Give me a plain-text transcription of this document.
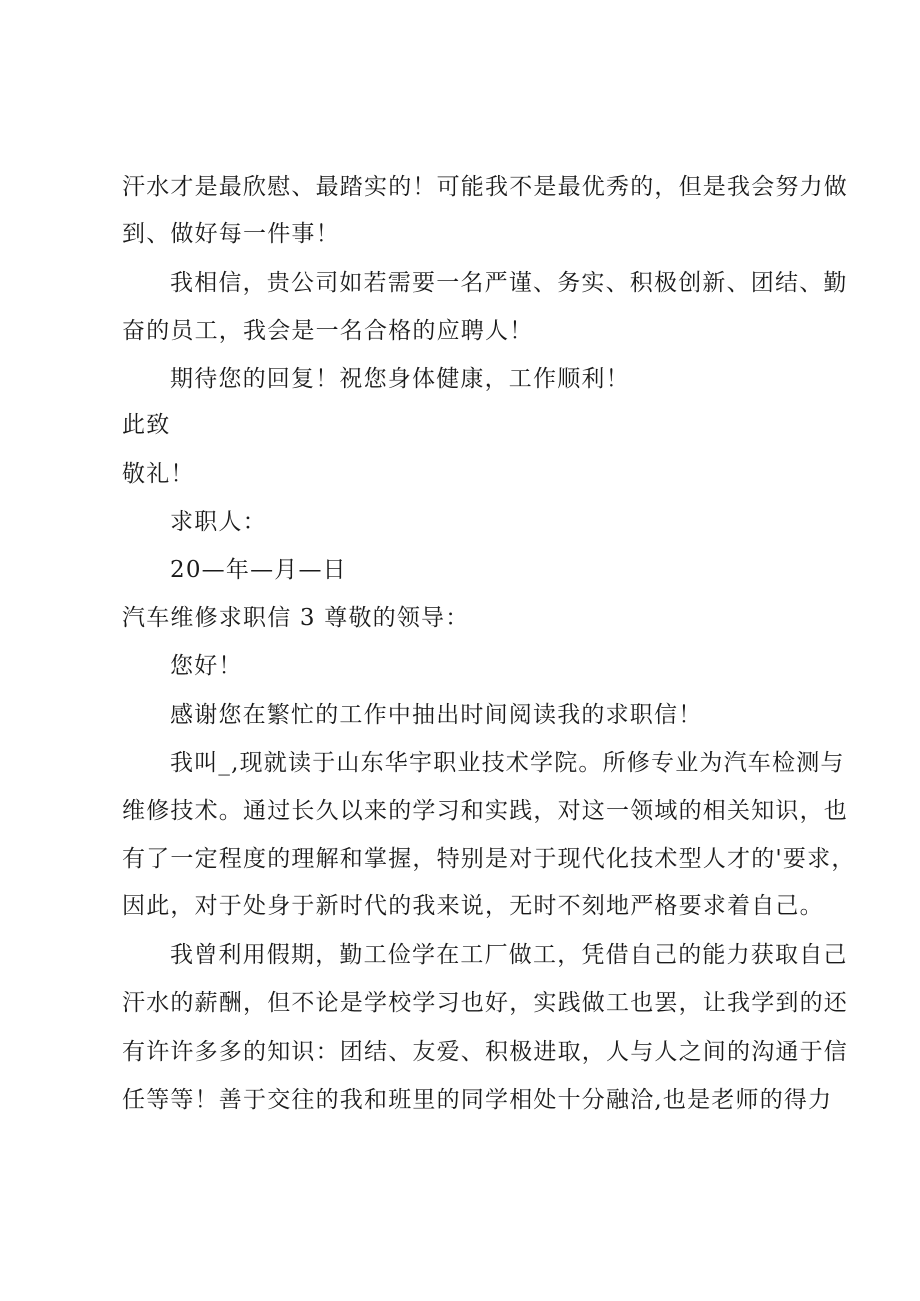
汗水才是最欣慰、最踏实的！可能我不是最优秀的，但是我会努力做
到、做好每一件事！
我相信，贵公司如若需要一名严谨、务实、积极创新、团结、勤
奋的员工，我会是一名合格的应聘人！
期待您的回复！祝您身体健康，工作顺利！
此致
敬礼！
求职人：
20—年—月—日
汽车维修求职信 3 尊敬的领导：
您好！
感谢您在繁忙的工作中抽出时间阅读我的求职信！
我叫_,现就读于山东华宇职业技术学院。所修专业为汽车检测与
维修技术。通过长久以来的学习和实践，对这一领域的相关知识，也
有了一定程度的理解和掌握，特别是对于现代化技术型人才的'要求，
因此，对于处身于新时代的我来说，无时不刻地严格要求着自己。
我曾利用假期，勤工俭学在工厂做工，凭借自己的能力获取自己
汗水的薪酬，但不论是学校学习也好，实践做工也罢，让我学到的还
有许许多多的知识：团结、友爱、积极进取，人与人之间的沟通于信
任等等！善于交往的我和班里的同学相处十分融洽,也是老师的得力
